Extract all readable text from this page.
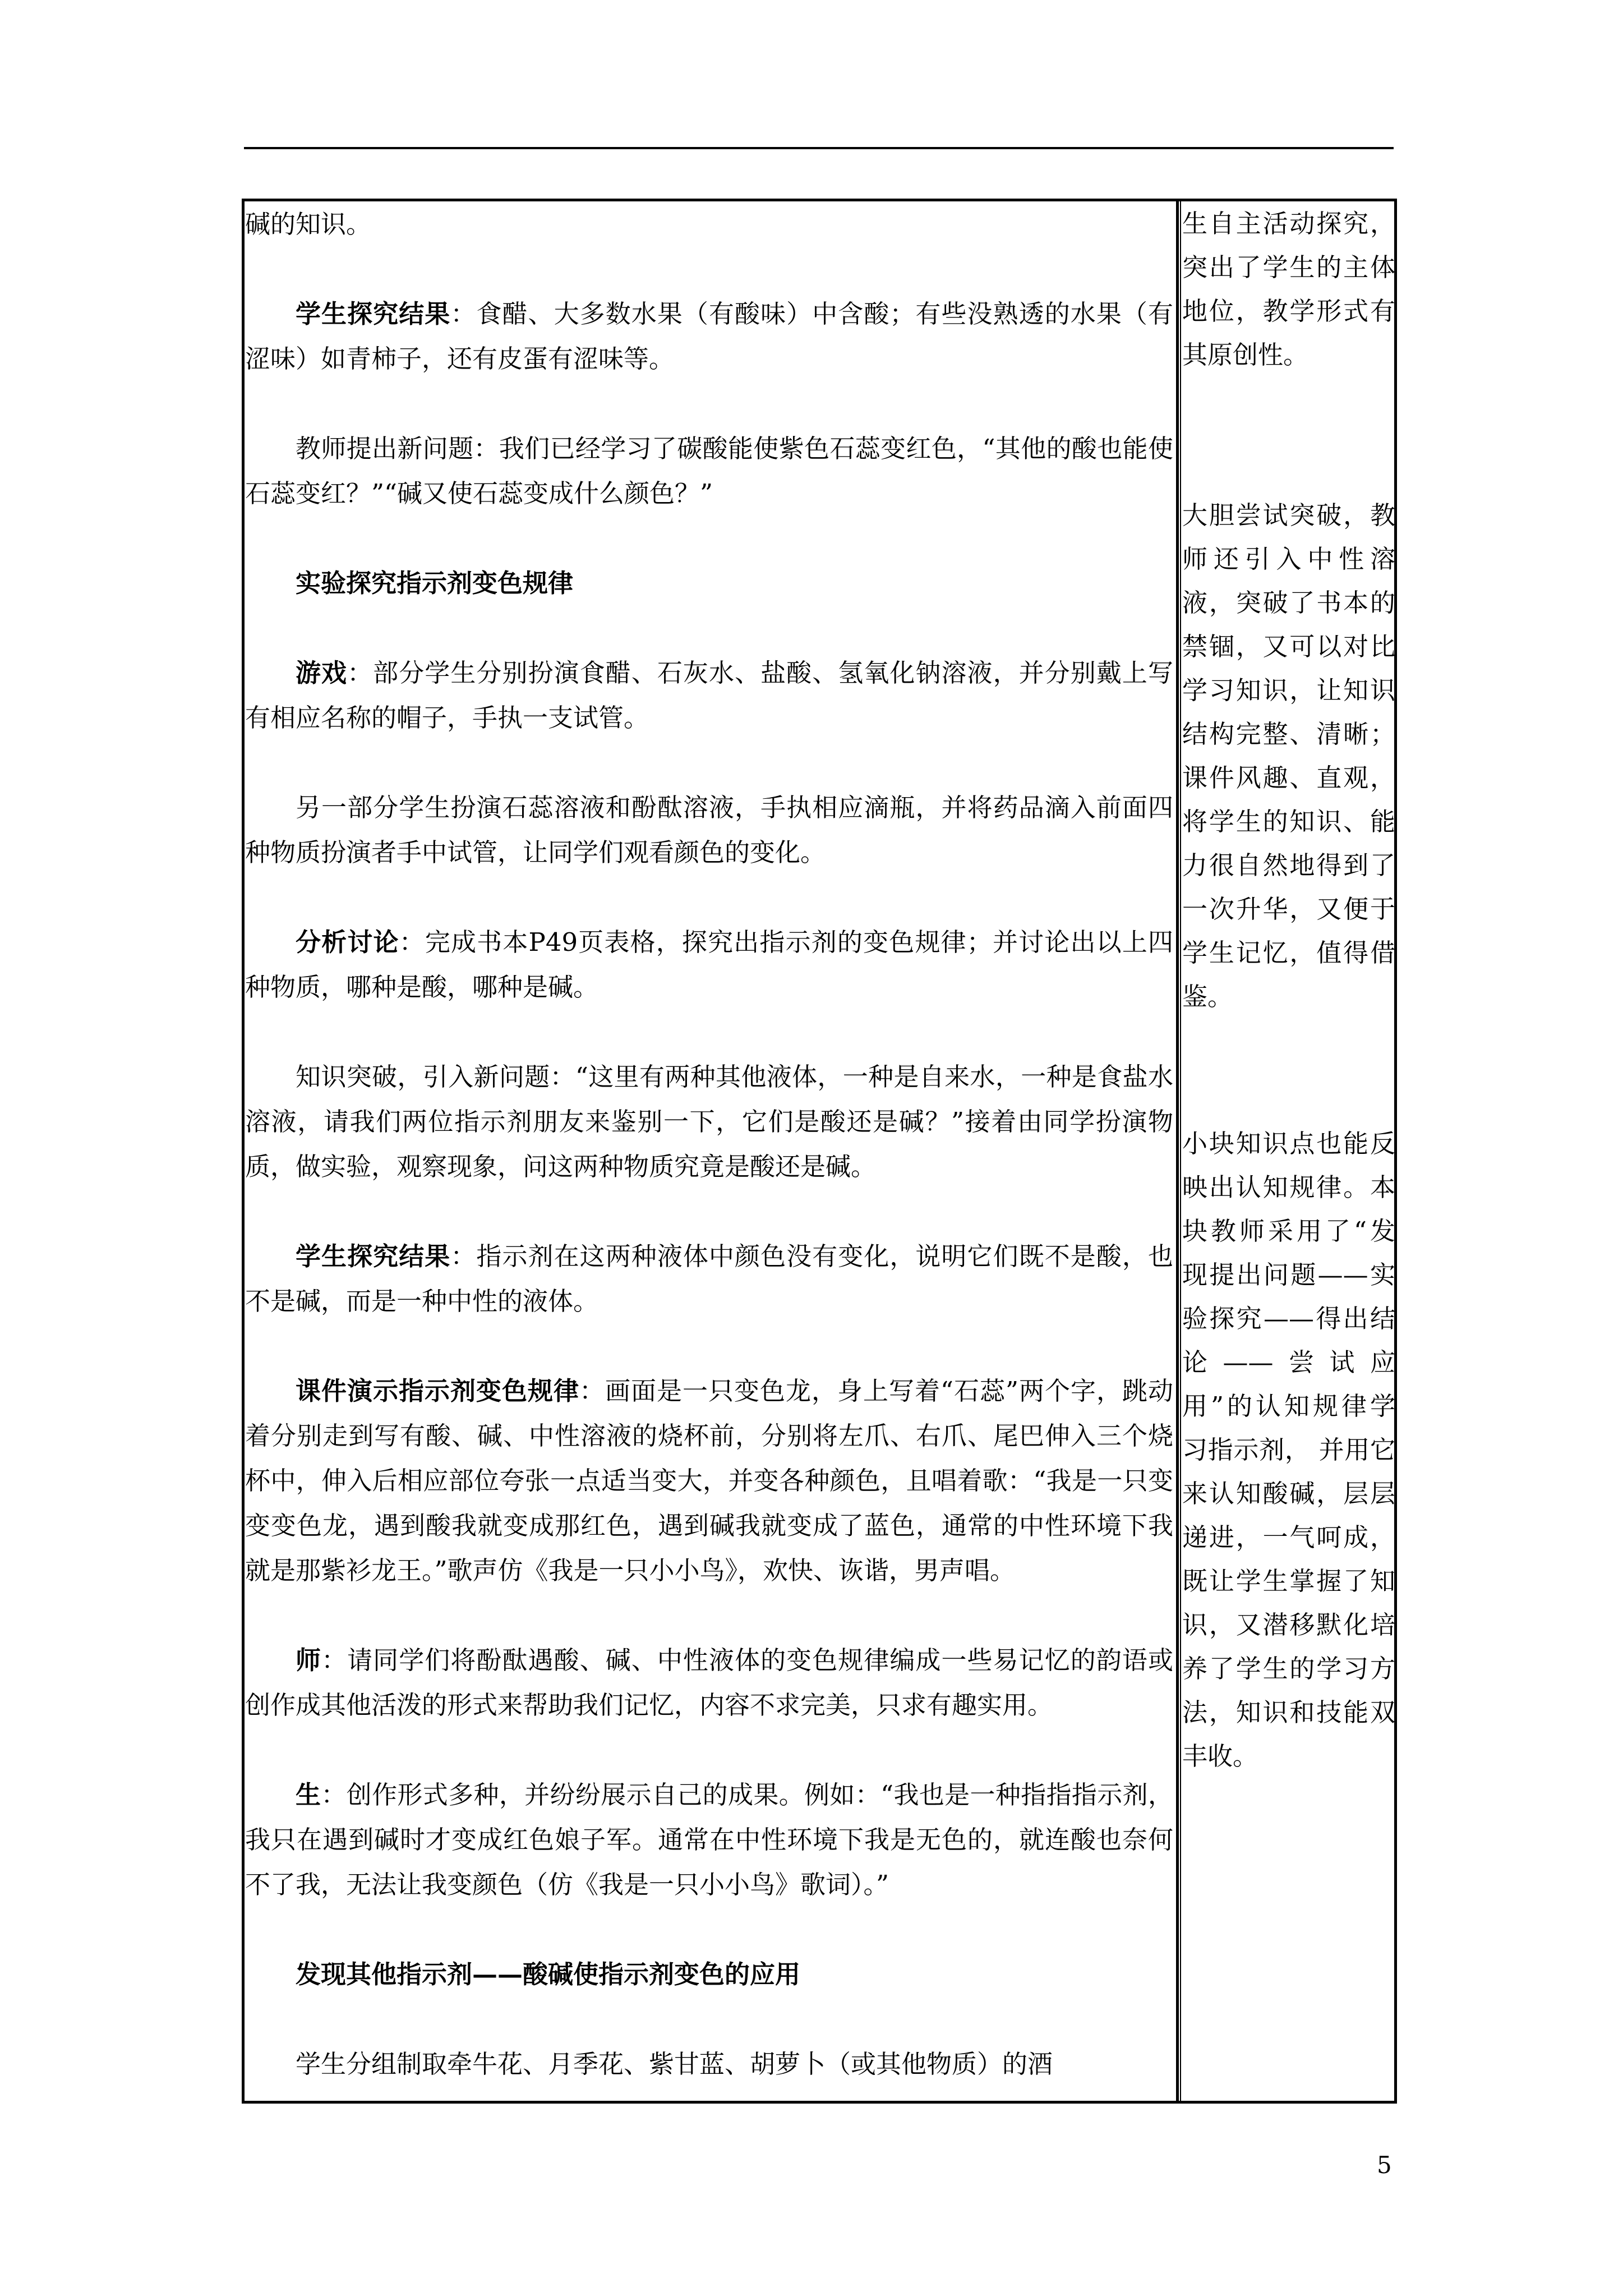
碱的知识。

学生探究结果：食醋、大多数水果（有酸味）中含酸；有些没熟透的水果（有涩味）如青柿子，还有皮蛋有涩味等。

教师提出新问题：我们已经学习了碳酸能使紫色石蕊变红色，“其他的酸也能使石蕊变红？”“碱又使石蕊变成什么颜色？”

实验探究指示剂变色规律

游戏：部分学生分别扮演食醋、石灰水、盐酸、氢氧化钠溶液，并分别戴上写有相应名称的帽子，手执一支试管。

另一部分学生扮演石蕊溶液和酚酞溶液，手执相应滴瓶，并将药品滴入前面四种物质扮演者手中试管，让同学们观看颜色的变化。

分析讨论：完成书本P49页表格，探究出指示剂的变色规律；并讨论出以上四种物质，哪种是酸，哪种是碱。

知识突破，引入新问题：“这里有两种其他液体，一种是自来水，一种是食盐水溶液，请我们两位指示剂朋友来鉴别一下，它们是酸还是碱？”接着由同学扮演物质，做实验，观察现象，问这两种物质究竟是酸还是碱。

学生探究结果：指示剂在这两种液体中颜色没有变化，说明它们既不是酸，也不是碱，而是一种中性的液体。

课件演示指示剂变色规律：画面是一只变色龙，身上写着“石蕊”两个字，跳动着分别走到写有酸、碱、中性溶液的烧杯前，分别将左爪、右爪、尾巴伸入三个烧杯中，伸入后相应部位夸张一点适当变大，并变各种颜色，且唱着歌：“我是一只变变变色龙，遇到酸我就变成那红色，遇到碱我就变成了蓝色，通常的中性环境下我就是那紫衫龙王。”歌声仿《我是一只小小鸟》，欢快、诙谐，男声唱。

师：请同学们将酚酞遇酸、碱、中性液体的变色规律编成一些易记忆的韵语或创作成其他活泼的形式来帮助我们记忆，内容不求完美，只求有趣实用。

生：创作形式多种，并纷纷展示自己的成果。例如：“我也是一种指指指示剂，我只在遇到碱时才变成红色娘子军。通常在中性环境下我是无色的，就连酸也奈何不了我，无法让我变颜色（仿《我是一只小小鸟》歌词）。”

发现其他指示剂——酸碱使指示剂变色的应用

学生分组制取牵牛花、月季花、紫甘蓝、胡萝卜（或其他物质）的酒

生自主活动探究，突出了学生的主体地位，教学形式有其原创性。

大胆尝试突破，教师还引入中性溶液，突破了书本的禁锢，又可以对比学习知识，让知识结构完整、清晰；课件风趣、直观，将学生的知识、能力很自然地得到了一次升华，又便于学生记忆，值得借鉴。

小块知识点也能反映出认知规律。本块教师采用了“发现提出问题——实验探究——得出结论——尝试应用”的认知规律学习指示剂， 并用它来认知酸碱，层层递进，一气呵成，既让学生掌握了知识，又潜移默化培养了学生的学习方法，知识和技能双丰收。

5
